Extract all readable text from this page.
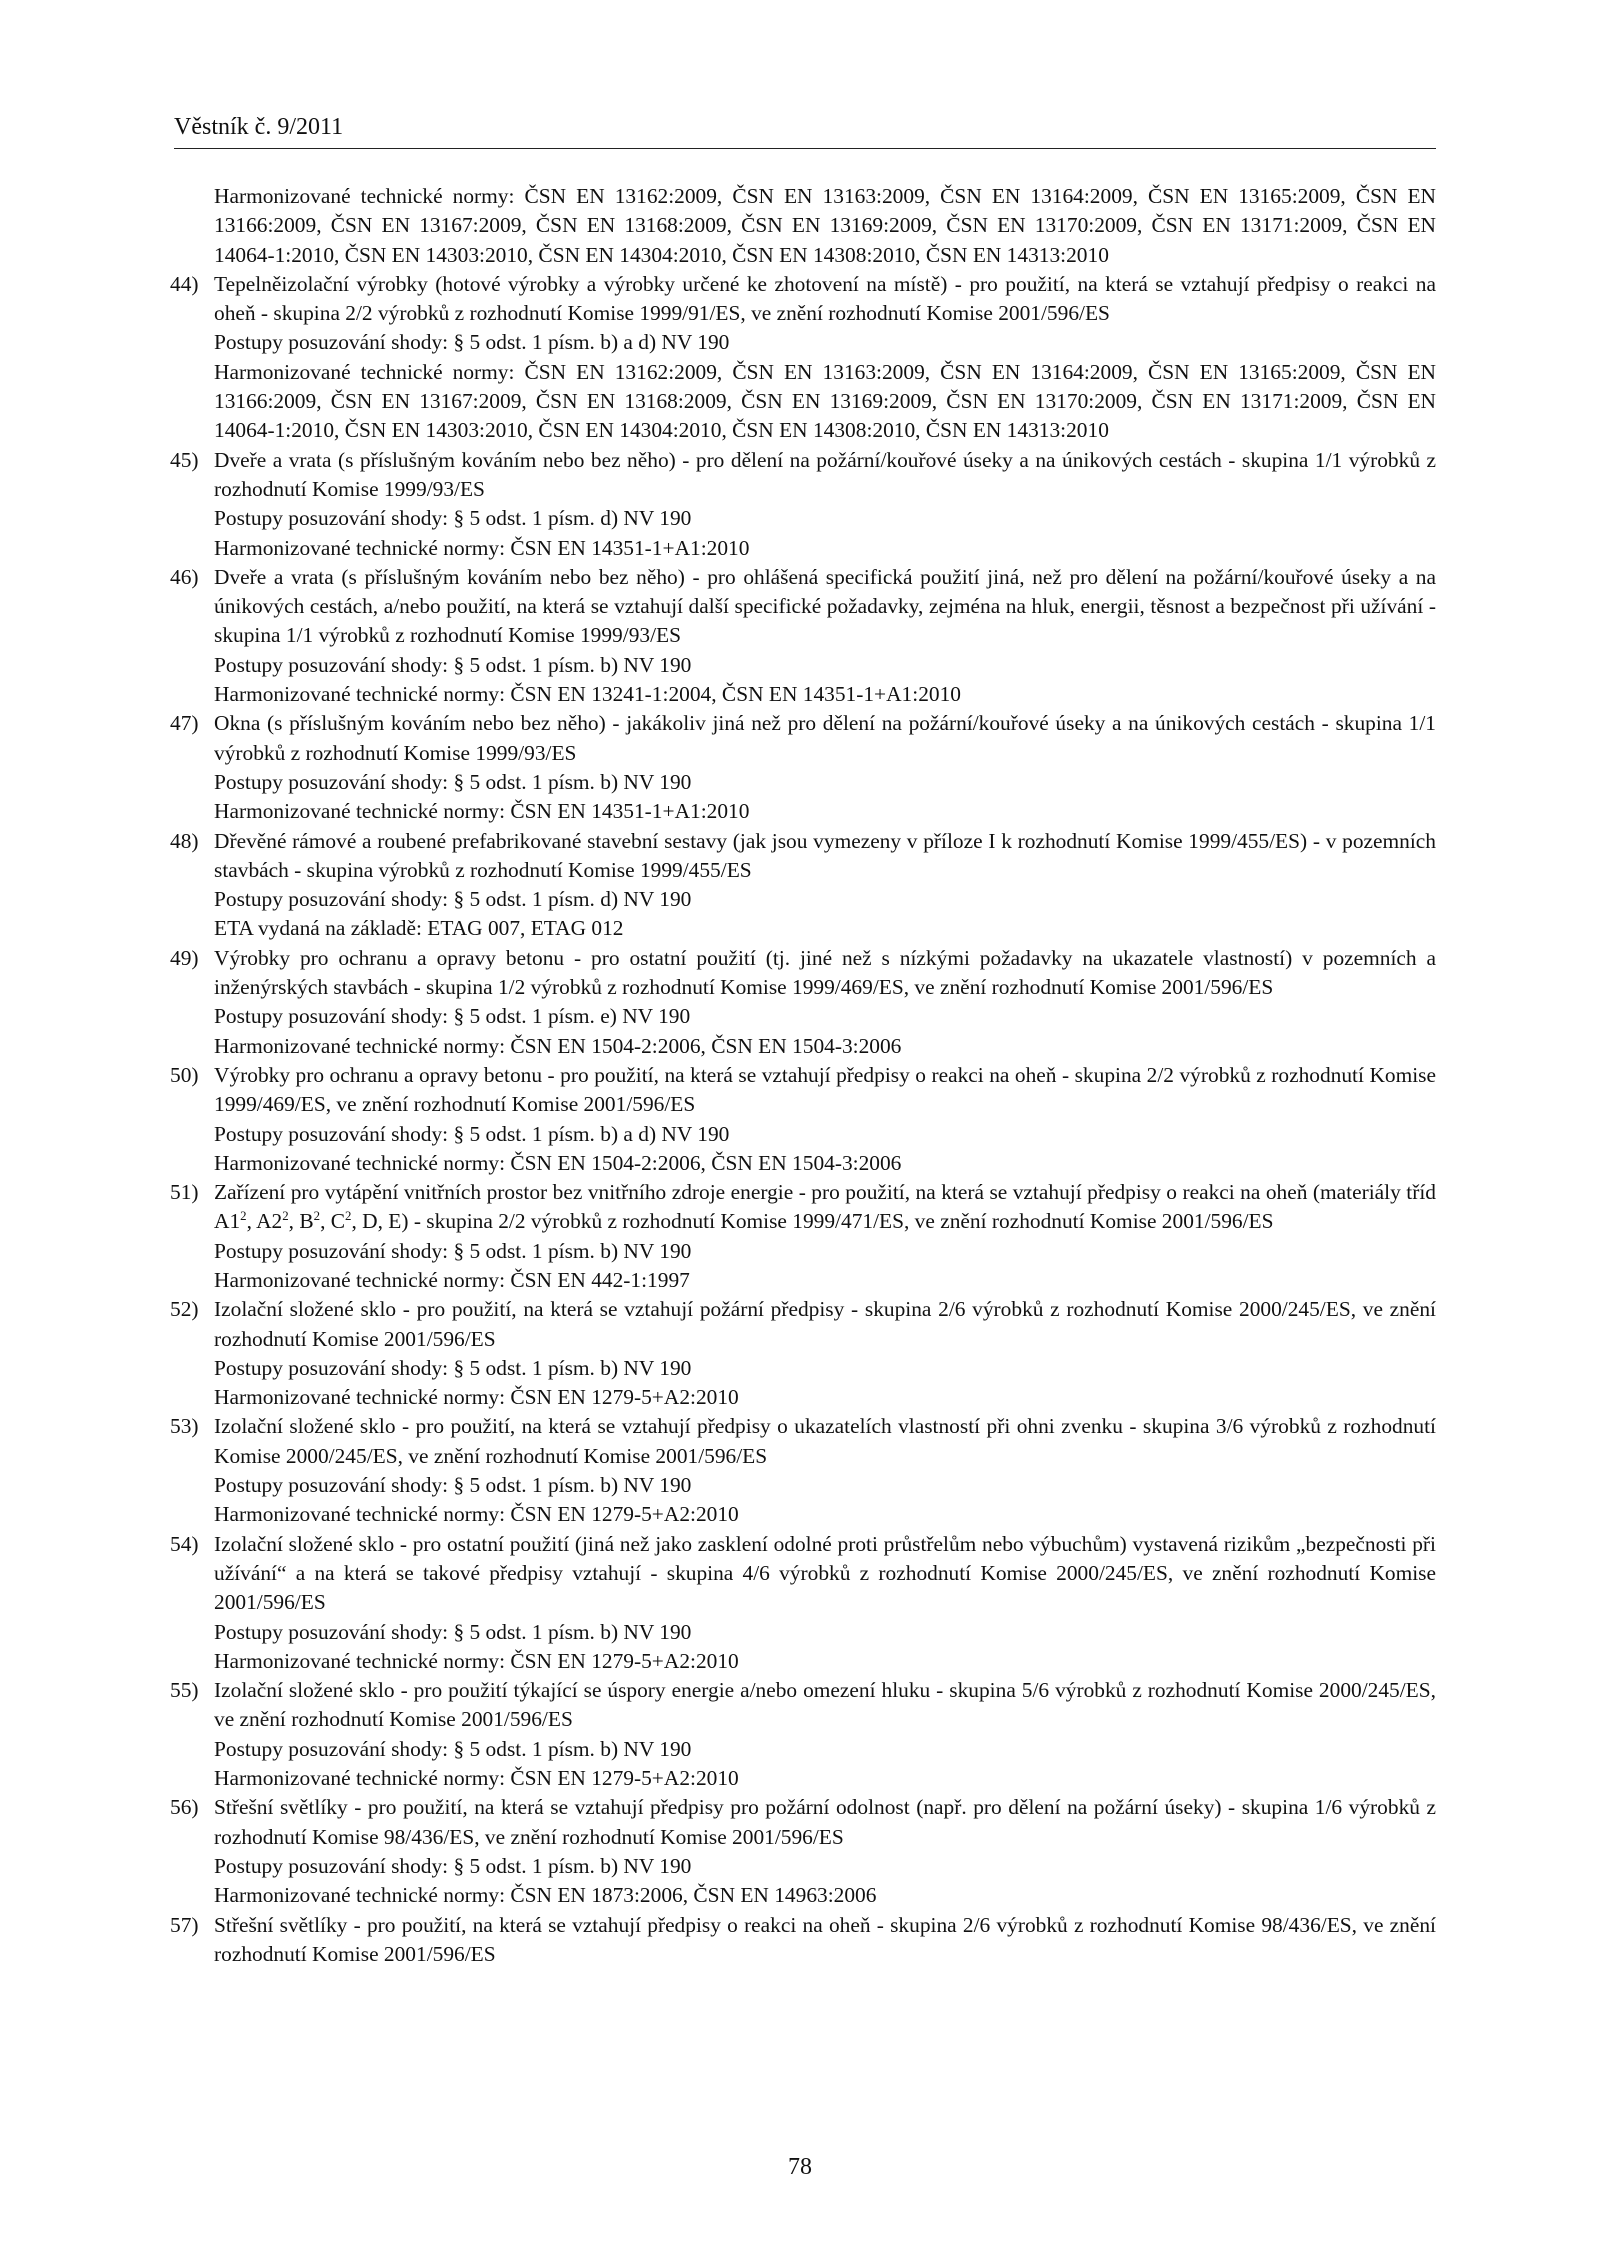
Věstník č. 9/2011
Harmonizované technické normy: ČSN EN 13162:2009, ČSN EN 13163:2009, ČSN EN 13164:2009, ČSN EN 13165:2009, ČSN EN 13166:2009, ČSN EN 13167:2009, ČSN EN 13168:2009, ČSN EN 13169:2009, ČSN EN 13170:2009, ČSN EN 13171:2009, ČSN EN 14064-1:2010, ČSN EN 14303:2010, ČSN EN 14304:2010, ČSN EN 14308:2010, ČSN EN 14313:2010
44) Tepelněizolační výrobky (hotové výrobky a výrobky určené ke zhotovení na místě) - pro použití, na která se vztahují předpisy o reakci na oheň - skupina 2/2 výrobků z rozhodnutí Komise 1999/91/ES, ve znění rozhodnutí Komise 2001/596/ES
Postupy posuzování shody: § 5 odst. 1 písm. b) a d) NV 190
Harmonizované technické normy: ČSN EN 13162:2009, ČSN EN 13163:2009, ČSN EN 13164:2009, ČSN EN 13165:2009, ČSN EN 13166:2009, ČSN EN 13167:2009, ČSN EN 13168:2009, ČSN EN 13169:2009, ČSN EN 13170:2009, ČSN EN 13171:2009, ČSN EN 14064-1:2010, ČSN EN 14303:2010, ČSN EN 14304:2010, ČSN EN 14308:2010, ČSN EN 14313:2010
45) Dveře a vrata (s příslušným kováním nebo bez něho) - pro dělení na požární/kouřové úseky a na únikových cestách - skupina 1/1 výrobků z rozhodnutí Komise 1999/93/ES
Postupy posuzování shody: § 5 odst. 1 písm. d) NV 190
Harmonizované technické normy: ČSN EN 14351-1+A1:2010
46) Dveře a vrata (s příslušným kováním nebo bez něho) - pro ohlášená specifická použití jiná, než pro dělení na požární/kouřové úseky a na únikových cestách, a/nebo použití, na která se vztahují další specifické požadavky, zejména na hluk, energii, těsnost a bezpečnost při užívání - skupina 1/1 výrobků z rozhodnutí Komise 1999/93/ES
Postupy posuzování shody: § 5 odst. 1 písm. b) NV 190
Harmonizované technické normy: ČSN EN 13241-1:2004, ČSN EN 14351-1+A1:2010
47) Okna (s příslušným kováním nebo bez něho) - jakákoliv jiná než pro dělení na požární/kouřové úseky a na únikových cestách - skupina 1/1 výrobků z rozhodnutí Komise 1999/93/ES
Postupy posuzování shody: § 5 odst. 1 písm. b) NV 190
Harmonizované technické normy: ČSN EN 14351-1+A1:2010
48) Dřevěné rámové a roubené prefabrikované stavební sestavy (jak jsou vymezeny v příloze I k rozhodnutí Komise 1999/455/ES) - v pozemních stavbách - skupina výrobků z rozhodnutí Komise 1999/455/ES
Postupy posuzování shody: § 5 odst. 1 písm. d) NV 190
ETA vydaná na základě: ETAG 007, ETAG 012
49) Výrobky pro ochranu a opravy betonu - pro ostatní použití (tj. jiné než s nízkými požadavky na ukazatele vlastností) v pozemních a inženýrských stavbách - skupina 1/2 výrobků z rozhodnutí Komise 1999/469/ES, ve znění rozhodnutí Komise 2001/596/ES
Postupy posuzování shody: § 5 odst. 1 písm. e) NV 190
Harmonizované technické normy: ČSN EN 1504-2:2006, ČSN EN 1504-3:2006
50) Výrobky pro ochranu a opravy betonu - pro použití, na která se vztahují předpisy o reakci na oheň - skupina 2/2 výrobků z rozhodnutí Komise 1999/469/ES, ve znění rozhodnutí Komise 2001/596/ES
Postupy posuzování shody: § 5 odst. 1 písm. b) a d) NV 190
Harmonizované technické normy: ČSN EN 1504-2:2006, ČSN EN 1504-3:2006
51) Zařízení pro vytápění vnitřních prostor bez vnitřního zdroje energie - pro použití, na která se vztahují předpisy o reakci na oheň (materiály tříd $A1^2$, $A2^2$, $B^2$, $C^2$, D, E) - skupina 2/2 výrobků z rozhodnutí Komise 1999/471/ES, ve znění rozhodnutí Komise 2001/596/ES
Postupy posuzování shody: § 5 odst. 1 písm. b) NV 190
Harmonizované technické normy: ČSN EN 442-1:1997
52) Izolační složené sklo - pro použití, na která se vztahují požární předpisy - skupina 2/6 výrobků z rozhodnutí Komise 2000/245/ES, ve znění rozhodnutí Komise 2001/596/ES
Postupy posuzování shody: § 5 odst. 1 písm. b) NV 190
Harmonizované technické normy: ČSN EN 1279-5+A2:2010
53) Izolační složené sklo - pro použití, na která se vztahují předpisy o ukazatelích vlastností při ohni zvenku - skupina 3/6 výrobků z rozhodnutí Komise 2000/245/ES, ve znění rozhodnutí Komise 2001/596/ES
Postupy posuzování shody: § 5 odst. 1 písm. b) NV 190
Harmonizované technické normy: ČSN EN 1279-5+A2:2010
54) Izolační složené sklo - pro ostatní použití (jiná než jako zasklení odolné proti průstřelům nebo výbuchům) vystavená rizikům „bezpečnosti při užívání“ a na která se takové předpisy vztahují - skupina 4/6 výrobků z rozhodnutí Komise 2000/245/ES, ve znění rozhodnutí Komise 2001/596/ES
Postupy posuzování shody: § 5 odst. 1 písm. b) NV 190
Harmonizované technické normy: ČSN EN 1279-5+A2:2010
55) Izolační složené sklo - pro použití týkající se úspory energie a/nebo omezení hluku - skupina 5/6 výrobků z rozhodnutí Komise 2000/245/ES, ve znění rozhodnutí Komise 2001/596/ES
Postupy posuzování shody: § 5 odst. 1 písm. b) NV 190
Harmonizované technické normy: ČSN EN 1279-5+A2:2010
56) Střešní světlíky - pro použití, na která se vztahují předpisy pro požární odolnost (např. pro dělení na požární úseky) - skupina 1/6 výrobků z rozhodnutí Komise 98/436/ES, ve znění rozhodnutí Komise 2001/596/ES
Postupy posuzování shody: § 5 odst. 1 písm. b) NV 190
Harmonizované technické normy: ČSN EN 1873:2006, ČSN EN 14963:2006
57) Střešní světlíky - pro použití, na která se vztahují předpisy o reakci na oheň - skupina 2/6 výrobků z rozhodnutí Komise 98/436/ES, ve znění rozhodnutí Komise 2001/596/ES
78
